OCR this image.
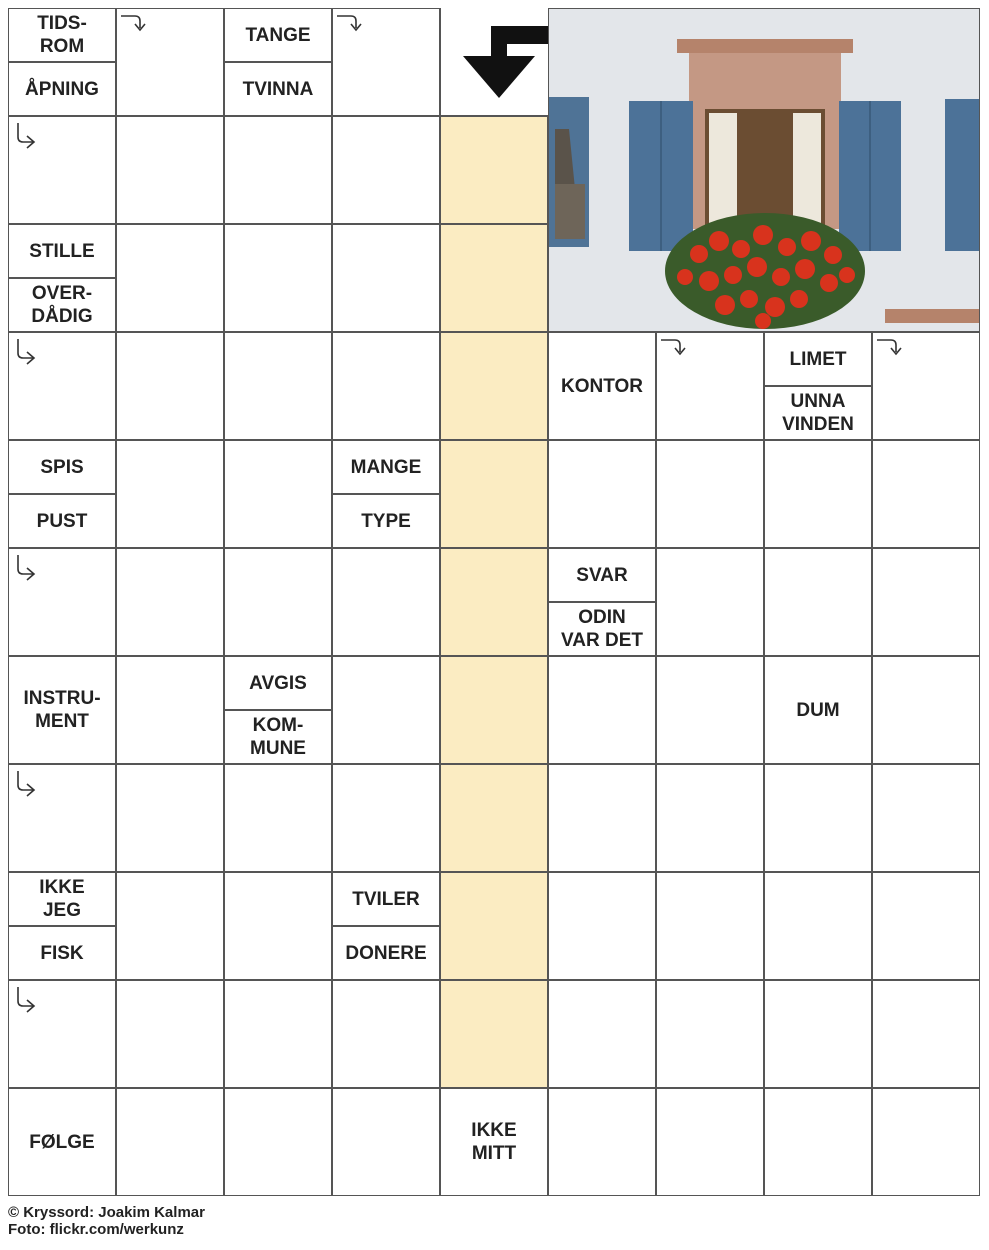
TIDS-
ROM
ÅPNING
TANGE
TVINNA
STILLE
OVER-
DÅDIG
KONTOR
LIMET
UNNA
VINDEN
SPIS
PUST
MANGE
TYPE
SVAR
ODIN
VAR DET
INSTRU-
MENT
AVGIS
KOM-
MUNE
DUM
IKKE
JEG
FISK
TVILER
DONERE
FØLGE
IKKE
MITT
© Kryssord: Joakim Kalmar
Foto: flickr.com/werkunz
